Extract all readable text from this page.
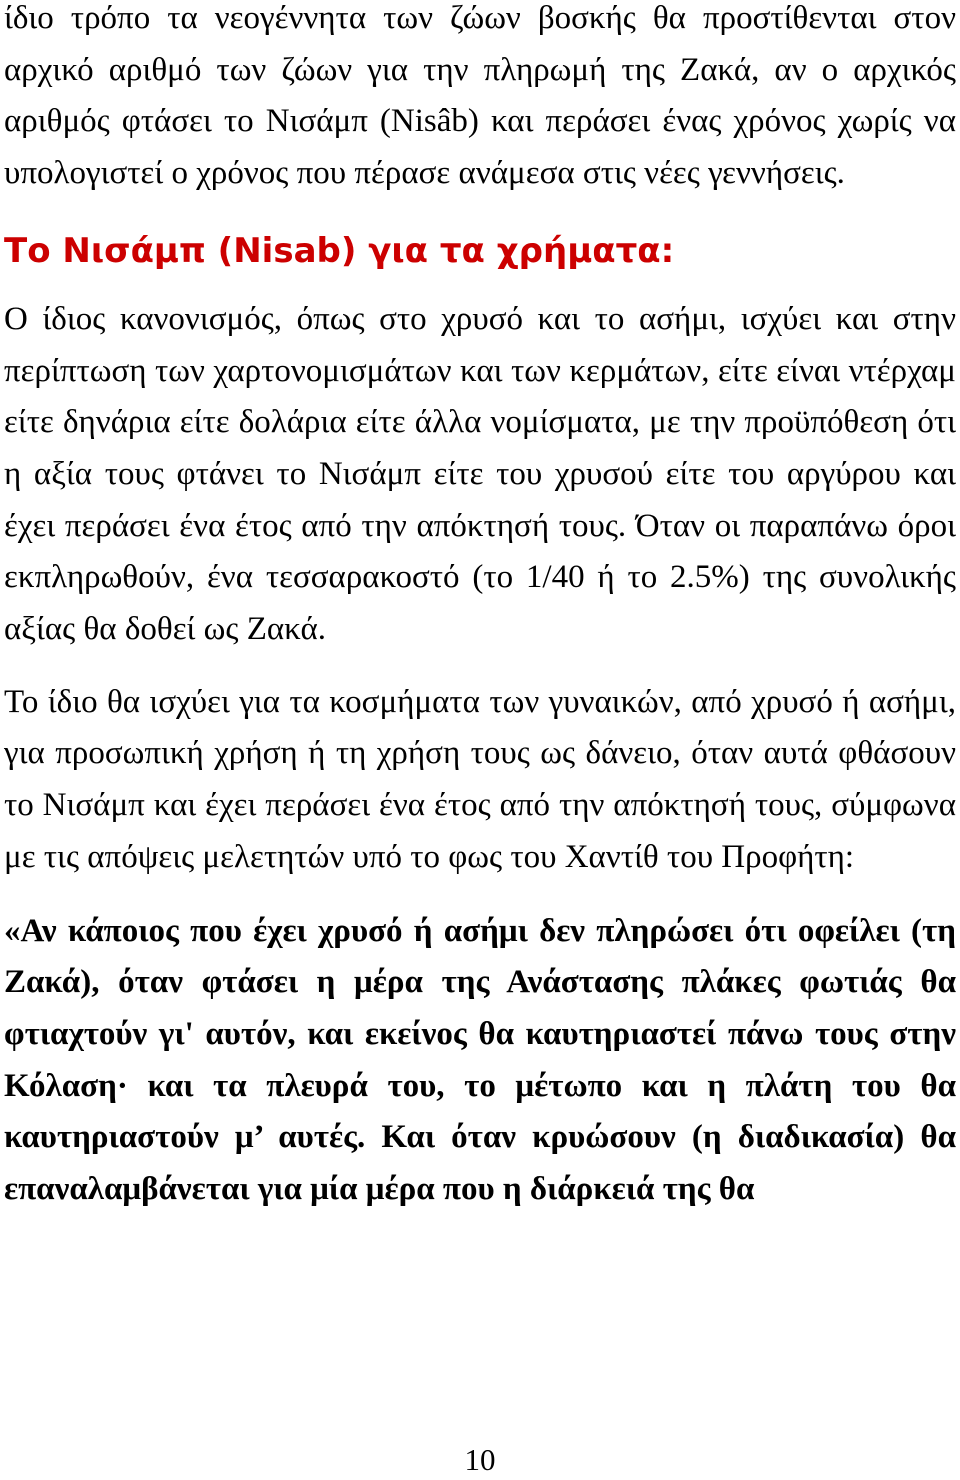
ίδιο τρόπο τα νεογέννητα των ζώων βοσκής θα προστίθενται στον αρχικό αριθμό των ζώων για την πληρωμή της Ζακά, αν ο αρχικός αριθμός φτάσει το Νισάμπ (Nisâb) και περάσει ένας χρόνος χωρίς να υπολογιστεί ο χρόνος που πέρασε ανάμεσα στις νέες γεννήσεις.

Το Νισάμπ (Nisab) για τα χρήματα:

Ο ίδιος κανονισμός, όπως στο χρυσό και το ασήμι, ισχύει και στην περίπτωση των χαρτονομισμάτων και των κερμάτων, είτε είναι ντέρχαμ είτε δηνάρια είτε δολάρια είτε άλλα νομίσματα, με την προϋπόθεση ότι η αξία τους φτάνει το Νισάμπ είτε του χρυσού είτε του αργύρου και έχει περάσει ένα έτος από την απόκτησή τους. Όταν οι παραπάνω όροι εκπληρωθούν, ένα τεσσαρακοστό (το 1/40 ή το 2.5%) της συνολικής αξίας θα δοθεί ως Ζακά.

Το ίδιο θα ισχύει για τα κοσμήματα των γυναικών, από χρυσό ή ασήμι, για προσωπική χρήση ή τη χρήση τους ως δάνειο, όταν αυτά φθάσουν το Νισάμπ και έχει περάσει ένα έτος από την απόκτησή τους, σύμφωνα με τις απόψεις μελετητών υπό το φως του Χαντίθ του Προφήτη:

«Αν κάποιος που έχει χρυσό ή ασήμι δεν πληρώσει ότι οφείλει (τη Ζακά), όταν φτάσει η μέρα της Ανάστασης πλάκες φωτιάς θα φτιαχτούν γι' αυτόν, και εκείνος θα καυτηριαστεί πάνω τους στην Κόλαση· και τα πλευρά του, το μέτωπο και η πλάτη του θα καυτηριαστούν μ’ αυτές. Και όταν κρυώσουν (η διαδικασία) θα επαναλαμβάνεται για μία μέρα που η διάρκειά της θα

10
